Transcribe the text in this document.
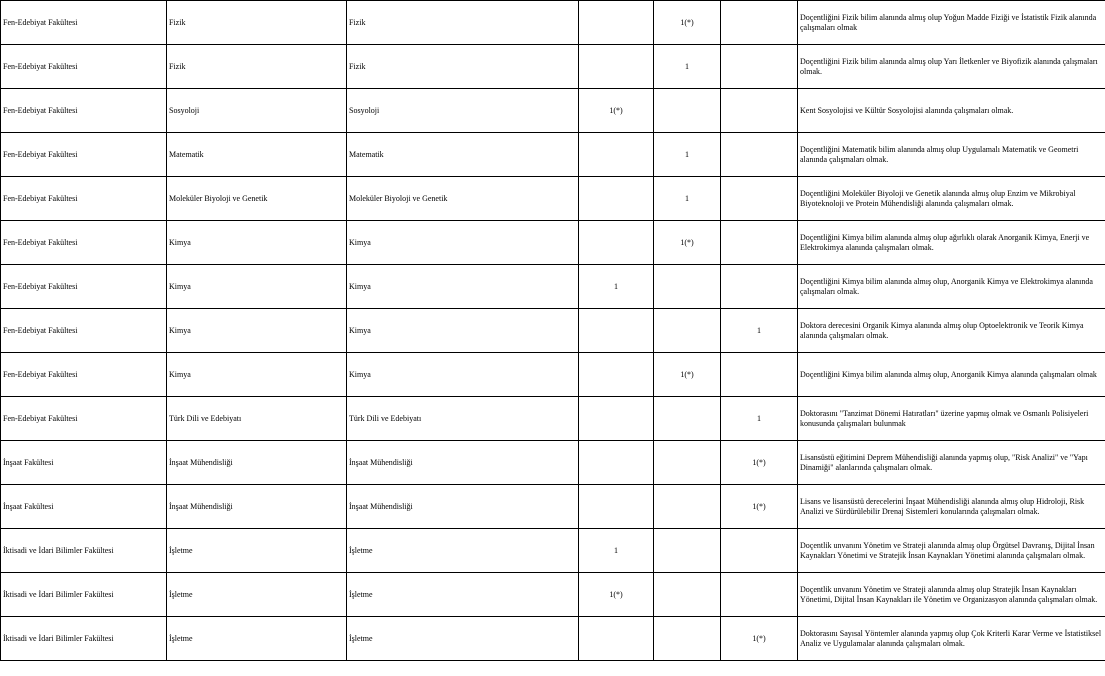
Fen-Edebiyat Fakültesi	Fizik	Fizik		1(*)		Doçentliğini Fizik bilim alanında almış olup Yoğun Madde Fiziği ve İstatistik Fizik alanında çalışmaları olmak
Fen-Edebiyat Fakültesi	Fizik	Fizik		1		Doçentliğini Fizik bilim alanında almış olup Yarı İletkenler ve Biyofizik alanında çalışmaları olmak.
Fen-Edebiyat Fakültesi	Sosyoloji	Sosyoloji	1(*)			Kent Sosyolojisi ve Kültür Sosyolojisi alanında çalışmaları olmak.
Fen-Edebiyat Fakültesi	Matematik	Matematik		1		Doçentliğini Matematik bilim alanında almış olup Uygulamalı Matematik ve Geometri alanında çalışmaları olmak.
Fen-Edebiyat Fakültesi	Moleküler Biyoloji ve Genetik	Moleküler Biyoloji ve Genetik		1		Doçentliğini Moleküler Biyoloji ve Genetik alanında almış olup Enzim ve Mikrobiyal Biyoteknoloji ve Protein Mühendisliği alanında çalışmaları olmak.
Fen-Edebiyat Fakültesi	Kimya	Kimya		1(*)		Doçentliğini Kimya bilim alanında almış olup ağırlıklı olarak Anorganik Kimya, Enerji ve Elektrokimya alanında çalışmaları olmak.
Fen-Edebiyat Fakültesi	Kimya	Kimya	1			Doçentliğini Kimya bilim alanında almış olup, Anorganik Kimya ve Elektrokimya alanında çalışmaları olmak.
Fen-Edebiyat Fakültesi	Kimya	Kimya			1	Doktora derecesini Organik Kimya alanında almış olup Optoelektronik ve Teorik Kimya alanında çalışmaları olmak.
Fen-Edebiyat Fakültesi	Kimya	Kimya		1(*)		Doçentliğini Kimya bilim alanında almış olup, Anorganik Kimya alanında çalışmaları olmak
Fen-Edebiyat Fakültesi	Türk Dili ve Edebiyatı	Türk Dili ve Edebiyatı			1	Doktorasını "Tanzimat Dönemi Hatıratları" üzerine yapmış olmak ve Osmanlı Polisiyeleri konusunda çalışmaları bulunmak
İnşaat Fakültesi	İnşaat Mühendisliği	İnşaat Mühendisliği			1(*)	Lisansüstü eğitimini Deprem Mühendisliği alanında yapmış olup, "Risk Analizi" ve "Yapı Dinamiği" alanlarında çalışmaları olmak.
İnşaat Fakültesi	İnşaat Mühendisliği	İnşaat Mühendisliği			1(*)	Lisans ve lisansüstü derecelerini İnşaat Mühendisliği alanında almış olup Hidroloji, Risk Analizi ve Sürdürülebilir Drenaj Sistemleri konularında çalışmaları olmak.
İktisadi ve İdari Bilimler Fakültesi	İşletme	İşletme	1			Doçentlik unvanını Yönetim ve Strateji alanında almış olup Örgütsel Davranış, Dijital İnsan Kaynakları Yönetimi ve Stratejik İnsan Kaynakları Yönetimi alanında çalışmaları olmak.
İktisadi ve İdari Bilimler Fakültesi	İşletme	İşletme	1(*)			Doçentlik unvanını Yönetim ve Strateji alanında almış olup Stratejik İnsan Kaynakları Yönetimi, Dijital İnsan Kaynakları ile Yönetim ve Organizasyon alanında çalışmaları olmak.
İktisadi ve İdari Bilimler Fakültesi	İşletme	İşletme			1(*)	Doktorasını Sayısal Yöntemler alanında yapmış olup Çok Kriterli Karar Verme ve İstatistiksel Analiz ve Uygulamalar alanında çalışmaları olmak.
